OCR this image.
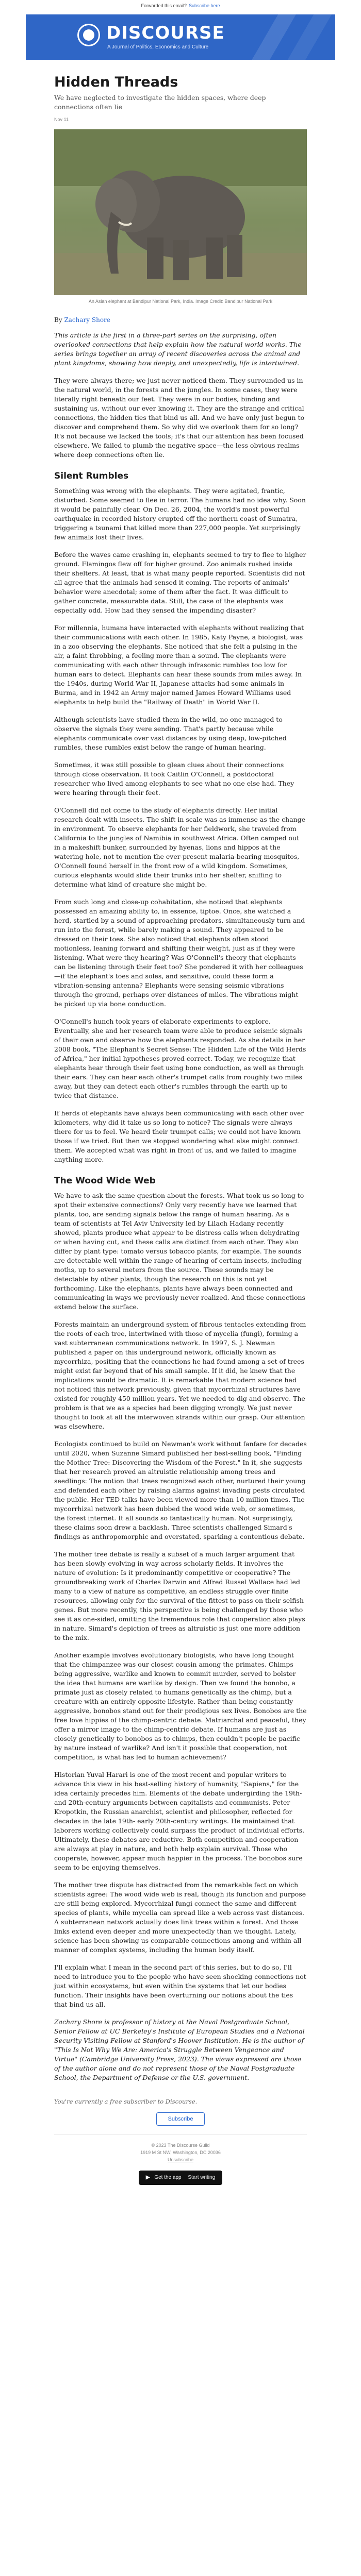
Forwarded this email? Subscribe here
DISCOURSE
A Journal of Politics, Economics and Culture
Hidden Threads
We have neglected to investigate the hidden spaces, where deep connections often lie
Nov 11
An Asian elephant at Bandipur National Park, India. Image Credit: Bandipur National Park
By Zachary Shore

This article is the first in a three-part series on the surprising, often overlooked connections that help explain how the natural world works. The series brings together an array of recent discoveries across the animal and plant kingdoms, showing how deeply, and unexpectedly, life is intertwined.

They were always there; we just never noticed them. They surrounded us in the natural world, in the forests and the jungles. In some cases, they were literally right beneath our feet. They were in our bodies, binding and sustaining us, without our ever knowing it. They are the strange and critical connections, the hidden ties that bind us all. And we have only just begun to discover and comprehend them. So why did we overlook them for so long? It's not because we lacked the tools; it's that our attention has been focused elsewhere. We failed to plumb the negative space—the less obvious realms where deep connections often lie.

Silent Rumbles

Something was wrong with the elephants. They were agitated, frantic, disturbed. Some seemed to flee in terror. The humans had no idea why. Soon it would be painfully clear. On Dec. 26, 2004, the world's most powerful earthquake in recorded history erupted off the northern coast of Sumatra, triggering a tsunami that killed more than 227,000 people. Yet surprisingly few animals lost their lives.

Before the waves came crashing in, elephants seemed to try to flee to higher ground. Flamingos flew off for higher ground. Zoo animals rushed inside their shelters. At least, that is what many people reported. Scientists did not all agree that the animals had sensed it coming. The reports of animals' behavior were anecdotal; some of them after the fact. It was difficult to gather concrete, measurable data. Still, the case of the elephants was especially odd. How had they sensed the impending disaster?

For millennia, humans have interacted with elephants without realizing that their communications with each other. In 1985, Katy Payne, a biologist, was in a zoo observing the elephants. She noticed that she felt a pulsing in the air, a faint throbbing, a feeling more than a sound. The elephants were communicating with each other through infrasonic rumbles too low for human ears to detect. Elephants can hear these sounds from miles away. In the 1940s, during World War II, Japanese attacks had some animals in Burma, and in 1942 an Army major named James Howard Williams used elephants to help build the "Railway of Death" in World War II.

Although scientists have studied them in the wild, no one managed to observe the signals they were sending. That's partly because while elephants communicate over vast distances by using deep, low-pitched rumbles, these rumbles exist below the range of human hearing.

Sometimes, it was still possible to glean clues about their connections through close observation. It took Caitlin O'Connell, a postdoctoral researcher who lived among elephants to see what no one else had. They were hearing through their feet.

O'Connell did not come to the study of elephants directly. Her initial research dealt with insects. The shift in scale was as immense as the change in environment. To observe elephants for her fieldwork, she traveled from California to the jungles of Namibia in southwest Africa. Often camped out in a makeshift bunker, surrounded by hyenas, lions and hippos at the watering hole, not to mention the ever-present malaria-bearing mosquitos, O'Connell found herself in the front row of a wild kingdom. Sometimes, curious elephants would slide their trunks into her shelter, sniffing to determine what kind of creature she might be.

From such long and close-up cohabitation, she noticed that elephants possessed an amazing ability to, in essence, tiptoe. Once, she watched a herd, startled by a sound of approaching predators, simultaneously turn and run into the forest, while barely making a sound. They appeared to be dressed on their toes. She also noticed that elephants often stood motionless, leaning forward and shifting their weight, just as if they were listening. What were they hearing? Was O'Connell's theory that elephants can be listening through their feet too? She pondered it with her colleagues—if the elephant's toes and soles, and sensitive, could these form a vibration-sensing antenna? Elephants were sensing seismic vibrations through the ground, perhaps over distances of miles. The vibrations might be picked up via bone conduction.

O'Connell's hunch took years of elaborate experiments to explore. Eventually, she and her research team were able to produce seismic signals of their own and observe how the elephants responded. As she details in her 2008 book, "The Elephant's Secret Sense: The Hidden Life of the Wild Herds of Africa," her initial hypotheses proved correct. Today, we recognize that elephants hear through their feet using bone conduction, as well as through their ears. They can hear each other's trumpet calls from roughly two miles away, but they can detect each other's rumbles through the earth up to twice that distance.

If herds of elephants have always been communicating with each other over kilometers, why did it take us so long to notice? The signals were always there for us to feel. We heard their trumpet calls; we could not have known those if we tried. But then we stopped wondering what else might connect them. We accepted what was right in front of us, and we failed to imagine anything more.

The Wood Wide Web

We have to ask the same question about the forests. What took us so long to spot their extensive connections? Only very recently have we learned that plants, too, are sending signals below the range of human hearing. As a team of scientists at Tel Aviv University led by Lilach Hadany recently showed, plants produce what appear to be distress calls when dehydrating or when having cut, and these calls are distinct from each other. They also differ by plant type: tomato versus tobacco plants, for example. The sounds are detectable well within the range of hearing of certain insects, including moths, up to several meters from the source. These sounds may be detectable by other plants, though the research on this is not yet forthcoming. Like the elephants, plants have always been connected and communicating in ways we previously never realized. And these connections extend below the surface.

Forests maintain an underground system of fibrous tentacles extending from the roots of each tree, intertwined with those of mycelia (fungi), forming a vast subterranean communications network. In 1997, S. J. Newman published a paper on this underground network, officially known as mycorrhiza, positing that the connections he had found among a set of trees might exist far beyond that of his small sample. If it did, he knew that the implications would be dramatic. It is remarkable that modern science had not noticed this network previously, given that mycorrhizal structures have existed for roughly 450 million years. Yet we needed to dig and observe. The problem is that we as a species had been digging wrongly. We just never thought to look at all the interwoven strands within our grasp. Our attention was elsewhere.

Ecologists continued to build on Newman's work without fanfare for decades until 2020, when Suzanne Simard published her best-selling book, "Finding the Mother Tree: Discovering the Wisdom of the Forest." In it, she suggests that her research proved an altruistic relationship among trees and seedlings: The notion that trees recognized each other, nurtured their young and defended each other by raising alarms against invading pests circulated the public. Her TED talks have been viewed more than 10 million times. The mycorrhizal network has been dubbed the wood wide web, or sometimes, the forest internet. It all sounds so fantastically human. Not surprisingly, these claims soon drew a backlash. Three scientists challenged Simard's findings as anthropomorphic and overstated, sparking a contentious debate.

The mother tree debate is really a subset of a much larger argument that has been slowly evolving in way across scholarly fields. It involves the nature of evolution: Is it predominantly competitive or cooperative? The groundbreaking work of Charles Darwin and Alfred Russel Wallace had led many to a view of nature as competitive, an endless struggle over finite resources, allowing only for the survival of the fittest to pass on their selfish genes. But more recently, this perspective is being challenged by those who see it as one-sided, omitting the tremendous role that cooperation also plays in nature. Simard's depiction of trees as altruistic is just one more addition to the mix.

Another example involves evolutionary biologists, who have long thought that the chimpanzee was our closest cousin among the primates. Chimps being aggressive, warlike and known to commit murder, served to bolster the idea that humans are warlike by design. Then we found the bonobo, a primate just as closely related to humans genetically as the chimp, but a creature with an entirely opposite lifestyle. Rather than being constantly aggressive, bonobos stand out for their prodigious sex lives. Bonobos are the free love hippies of the chimp-centric debate. Matriarchal and peaceful, they offer a mirror image to the chimp-centric debate. If humans are just as closely genetically to bonobos as to chimps, then couldn't people be pacific by nature instead of warlike? And isn't it possible that cooperation, not competition, is what has led to human achievement?

Historian Yuval Harari is one of the most recent and popular writers to advance this view in his best-selling history of humanity, "Sapiens," for the idea certainly precedes him. Elements of the debate undergirding the 19th- and 20th-century arguments between capitalists and communists. Peter Kropotkin, the Russian anarchist, scientist and philosopher, reflected for decades in the late 19th- early 20th-century writings. He maintained that laborers working collectively could surpass the product of individual efforts. Ultimately, these debates are reductive. Both competition and cooperation are always at play in nature, and both help explain survival. Those who cooperate, however, appear much happier in the process. The bonobos sure seem to be enjoying themselves.

The mother tree dispute has distracted from the remarkable fact on which scientists agree: The wood wide web is real, though its function and purpose are still being explored. Mycorrhizal fungi connect the same and different species of plants, while mycelia can spread like a web across vast distances. A subterranean network actually does link trees within a forest. And those links extend even deeper and more unexpectedly than we thought. Lately, science has been showing us comparable connections among and within all manner of complex systems, including the human body itself.

I'll explain what I mean in the second part of this series, but to do so, I'll need to introduce you to the people who have seen shocking connections not just within ecosystems, but even within the systems that let our bodies function. Their insights have been overturning our notions about the ties that bind us all.

Zachary Shore is professor of history at the Naval Postgraduate School, Senior Fellow at UC Berkeley's Institute of European Studies and a National Security Visiting Fellow at Stanford's Hoover Institution. He is the author of "This Is Not Why We Are: America's Struggle Between Vengeance and Virtue" (Cambridge University Press, 2023). The views expressed are those of the author alone and do not represent those of the Naval Postgraduate School, the Department of Defense or the U.S. government.

You're currently a free subscriber to Discourse.
Subscribe
© 2023 The Discourse Guild
1919 M St NW, Washington, DC 20036
Unsubscribe
▶ Get the app Start writing
